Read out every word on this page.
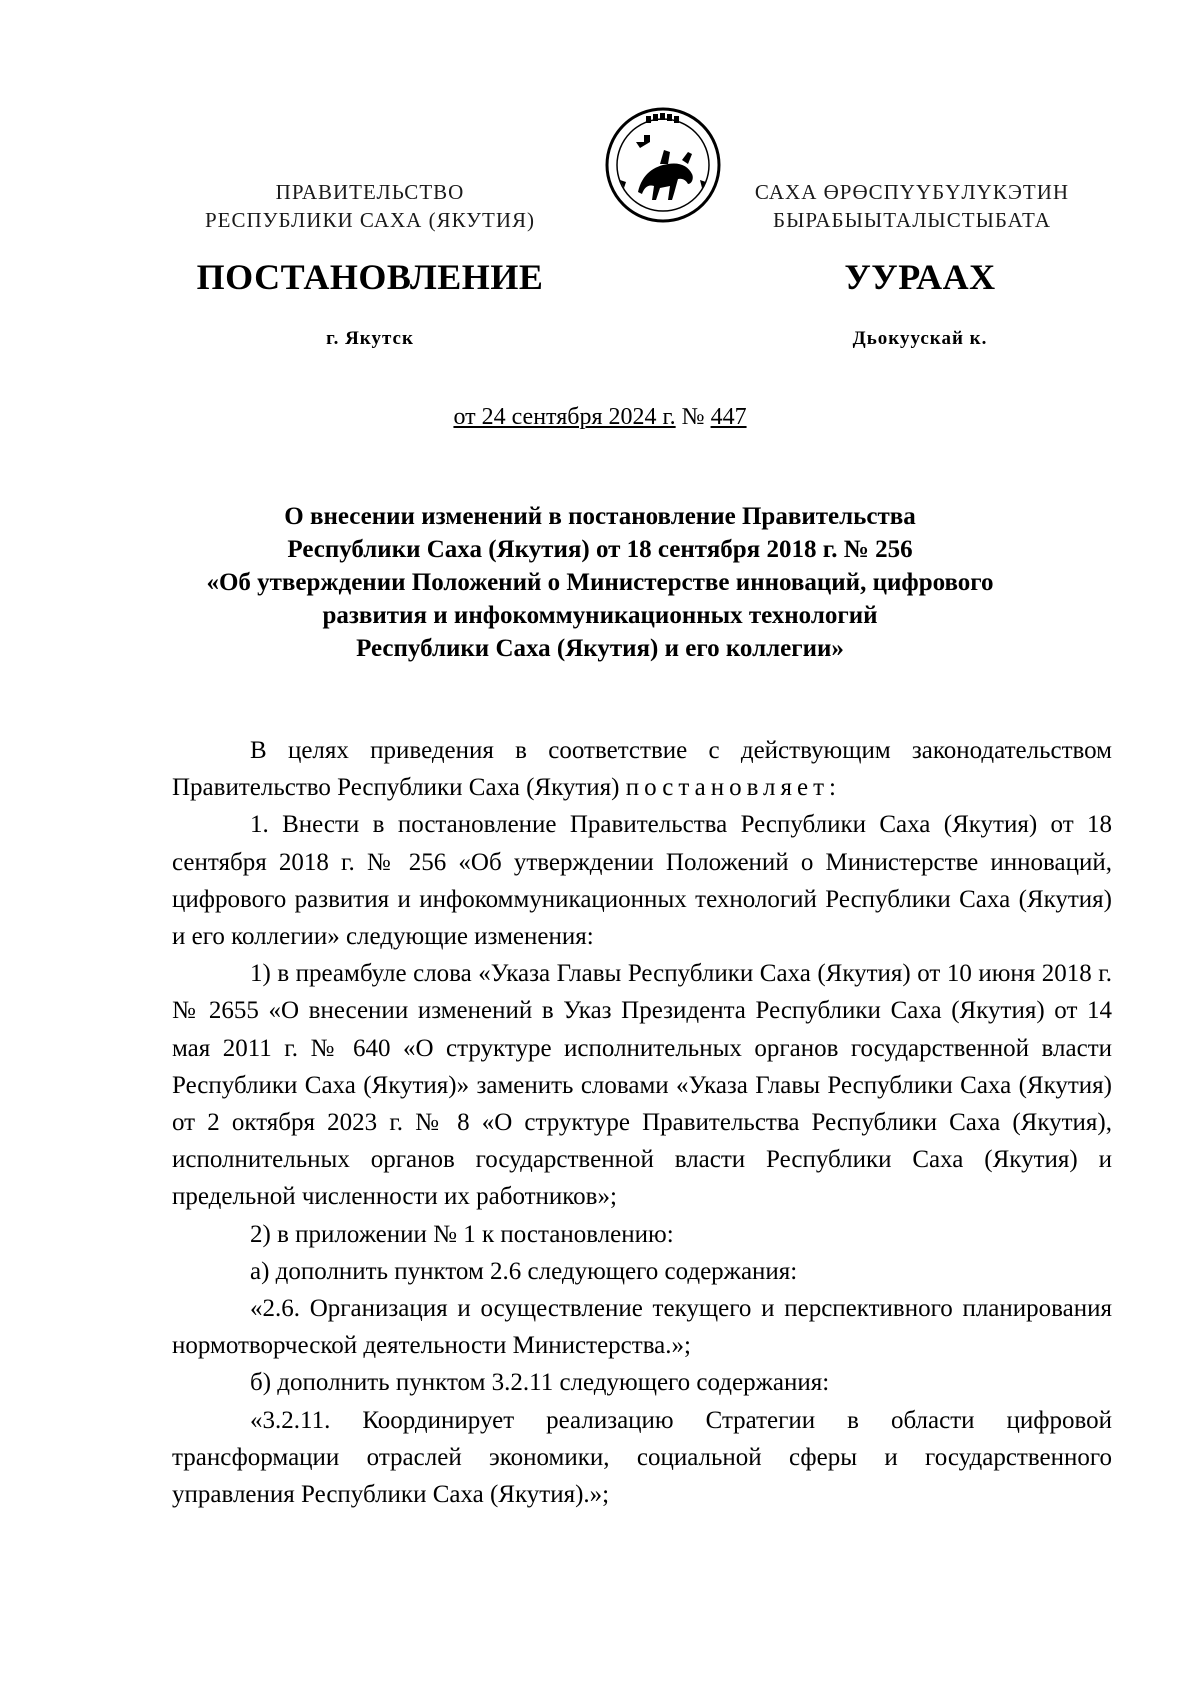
ПРАВИТЕЛЬСТВО
РЕСПУБЛИКИ САХА (ЯКУТИЯ)
САХА ӨРӨСПҮҮБҮЛҮКЭТИН
БЫРАБЫЫТАЛЫСТЫБАТА
ПОСТАНОВЛЕНИЕ	УУРААХ
г. Якутск	Дьокуускай к.
от 24 сентября 2024 г. № 447
О внесении изменений в постановление Правительства
Республики Саха (Якутия) от 18 сентября 2018 г. № 256
«Об утверждении Положений о Министерстве инноваций, цифрового
развития и инфокоммуникационных технологий
Республики Саха (Якутия) и его коллегии»

В целях приведения в соответствие с действующим законодательством Правительство Республики Саха (Якутия) постановляет:

1. Внести в постановление Правительства Республики Саха (Якутия) от 18 сентября 2018 г. № 256 «Об утверждении Положений о Министерстве инноваций, цифрового развития и инфокоммуникационных технологий Республики Саха (Якутия) и его коллегии» следующие изменения:

1) в преамбуле слова «Указа Главы Республики Саха (Якутия) от 10 июня 2018 г. № 2655 «О внесении изменений в Указ Президента Республики Саха (Якутия) от 14 мая 2011 г. № 640 «О структуре исполнительных органов государственной власти Республики Саха (Якутия)» заменить словами «Указа Главы Республики Саха (Якутия) от 2 октября 2023 г. № 8 «О структуре Правительства Республики Саха (Якутия), исполнительных органов государственной власти Республики Саха (Якутия) и предельной численности их работников»;

2) в приложении № 1 к постановлению:

а) дополнить пунктом 2.6 следующего содержания:

«2.6. Организация и осуществление текущего и перспективного планирования нормотворческой деятельности Министерства.»;

б) дополнить пунктом 3.2.11 следующего содержания:

«3.2.11. Координирует реализацию Стратегии в области цифровой трансформации отраслей экономики, социальной сферы и государственного управления Республики Саха (Якутия).»;
